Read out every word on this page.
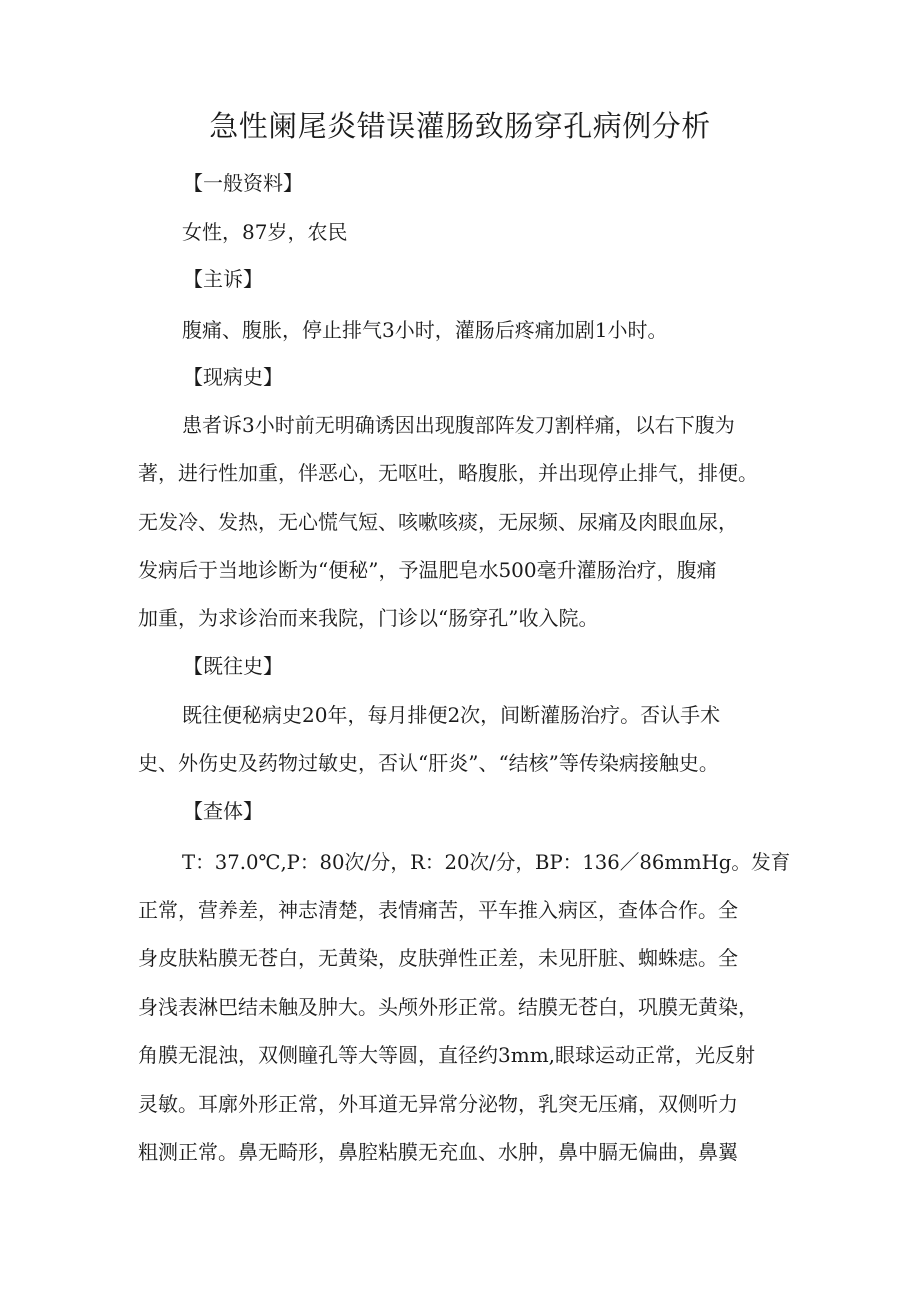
急性阑尾炎错误灌肠致肠穿孔病例分析
【一般资料】
女性，87岁，农民
【主诉】
腹痛、腹胀，停止排气3小时，灌肠后疼痛加剧1小时。
【现病史】
患者诉3小时前无明确诱因出现腹部阵发刀割样痛，以右下腹为
著，进行性加重，伴恶心，无呕吐，略腹胀，并出现停止排气，排便。
无发冷、发热，无心慌气短、咳嗽咳痰，无尿频、尿痛及肉眼血尿，
发病后于当地诊断为“便秘”，予温肥皂水500毫升灌肠治疗，腹痛
加重，为求诊治而来我院，门诊以“肠穿孔”收入院。
【既往史】
既往便秘病史20年，每月排便2次，间断灌肠治疗。否认手术
史、外伤史及药物过敏史，否认“肝炎”、“结核”等传染病接触史。
【查体】
T：37.0℃,P：80次/分，R：20次/分，BP：136／86mmHg。发育
正常，营养差，神志清楚，表情痛苦，平车推入病区，查体合作。全
身皮肤粘膜无苍白，无黄染，皮肤弹性正差，未见肝脏、蜘蛛痣。全
身浅表淋巴结未触及肿大。头颅外形正常。结膜无苍白，巩膜无黄染，
角膜无混浊，双侧瞳孔等大等圆，直径约3mm,眼球运动正常，光反射
灵敏。耳廓外形正常，外耳道无异常分泌物，乳突无压痛，双侧听力
粗测正常。鼻无畸形，鼻腔粘膜无充血、水肿，鼻中膈无偏曲，鼻翼
